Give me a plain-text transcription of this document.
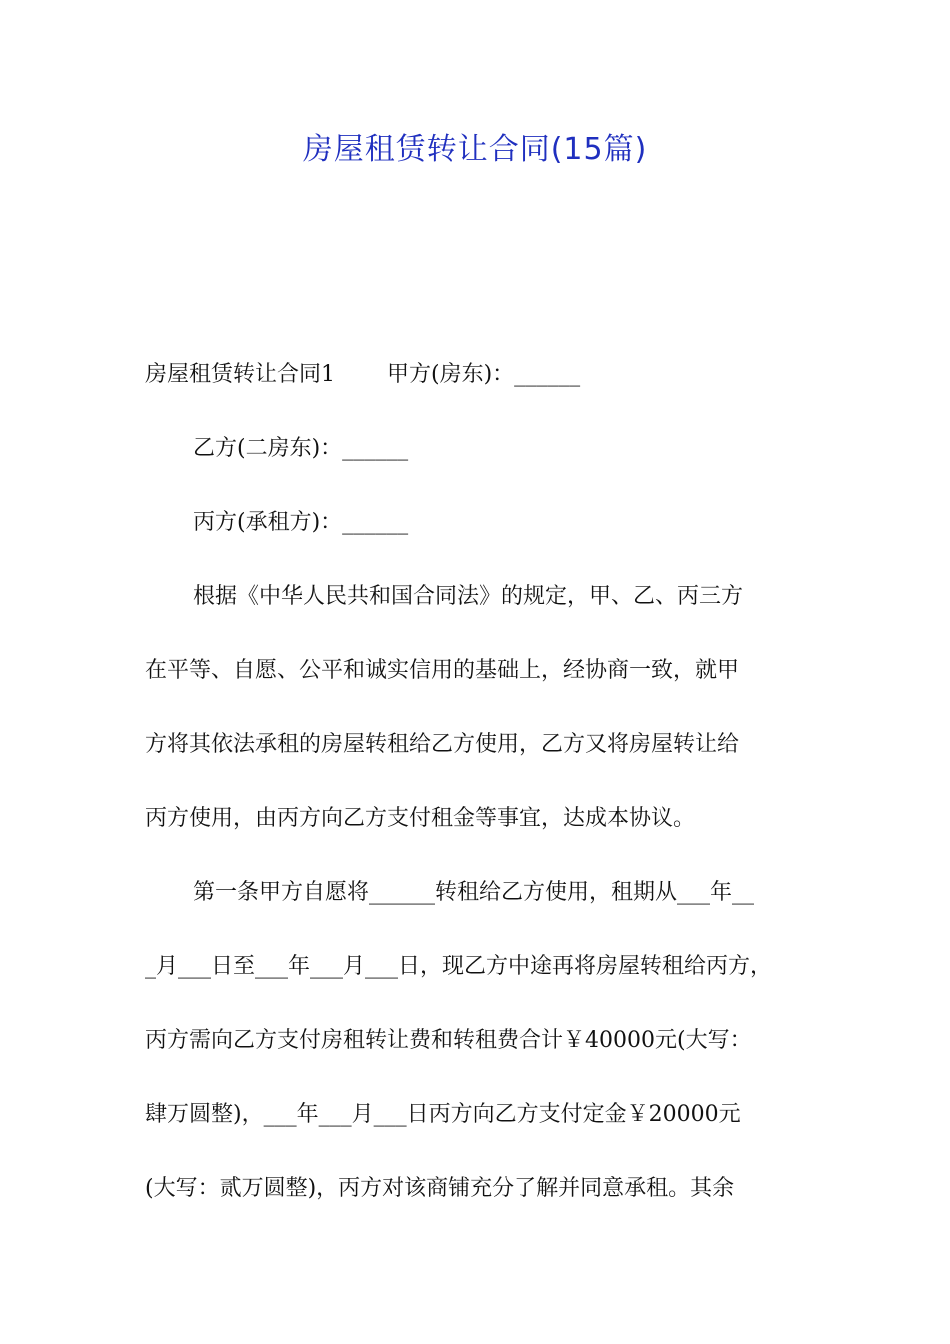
房屋租赁转让合同(15篇)
房屋租赁转让合同1 甲方(房东)：______
乙方(二房东)：______
丙方(承租方)：______
根据《中华人民共和国合同法》的规定，甲、乙、丙三方
在平等、自愿、公平和诚实信用的基础上，经协商一致，就甲
方将其依法承租的房屋转租给乙方使用，乙方又将房屋转让给
丙方使用，由丙方向乙方支付租金等事宜，达成本协议。
第一条甲方自愿将______转租给乙方使用，租期从___年__
_月___日至___年___月___日，现乙方中途再将房屋转租给丙方，
丙方需向乙方支付房租转让费和转租费合计￥40000元(大写：
肆万圆整)，___年___月___日丙方向乙方支付定金￥20000元
(大写：贰万圆整)，丙方对该商铺充分了解并同意承租。其余
